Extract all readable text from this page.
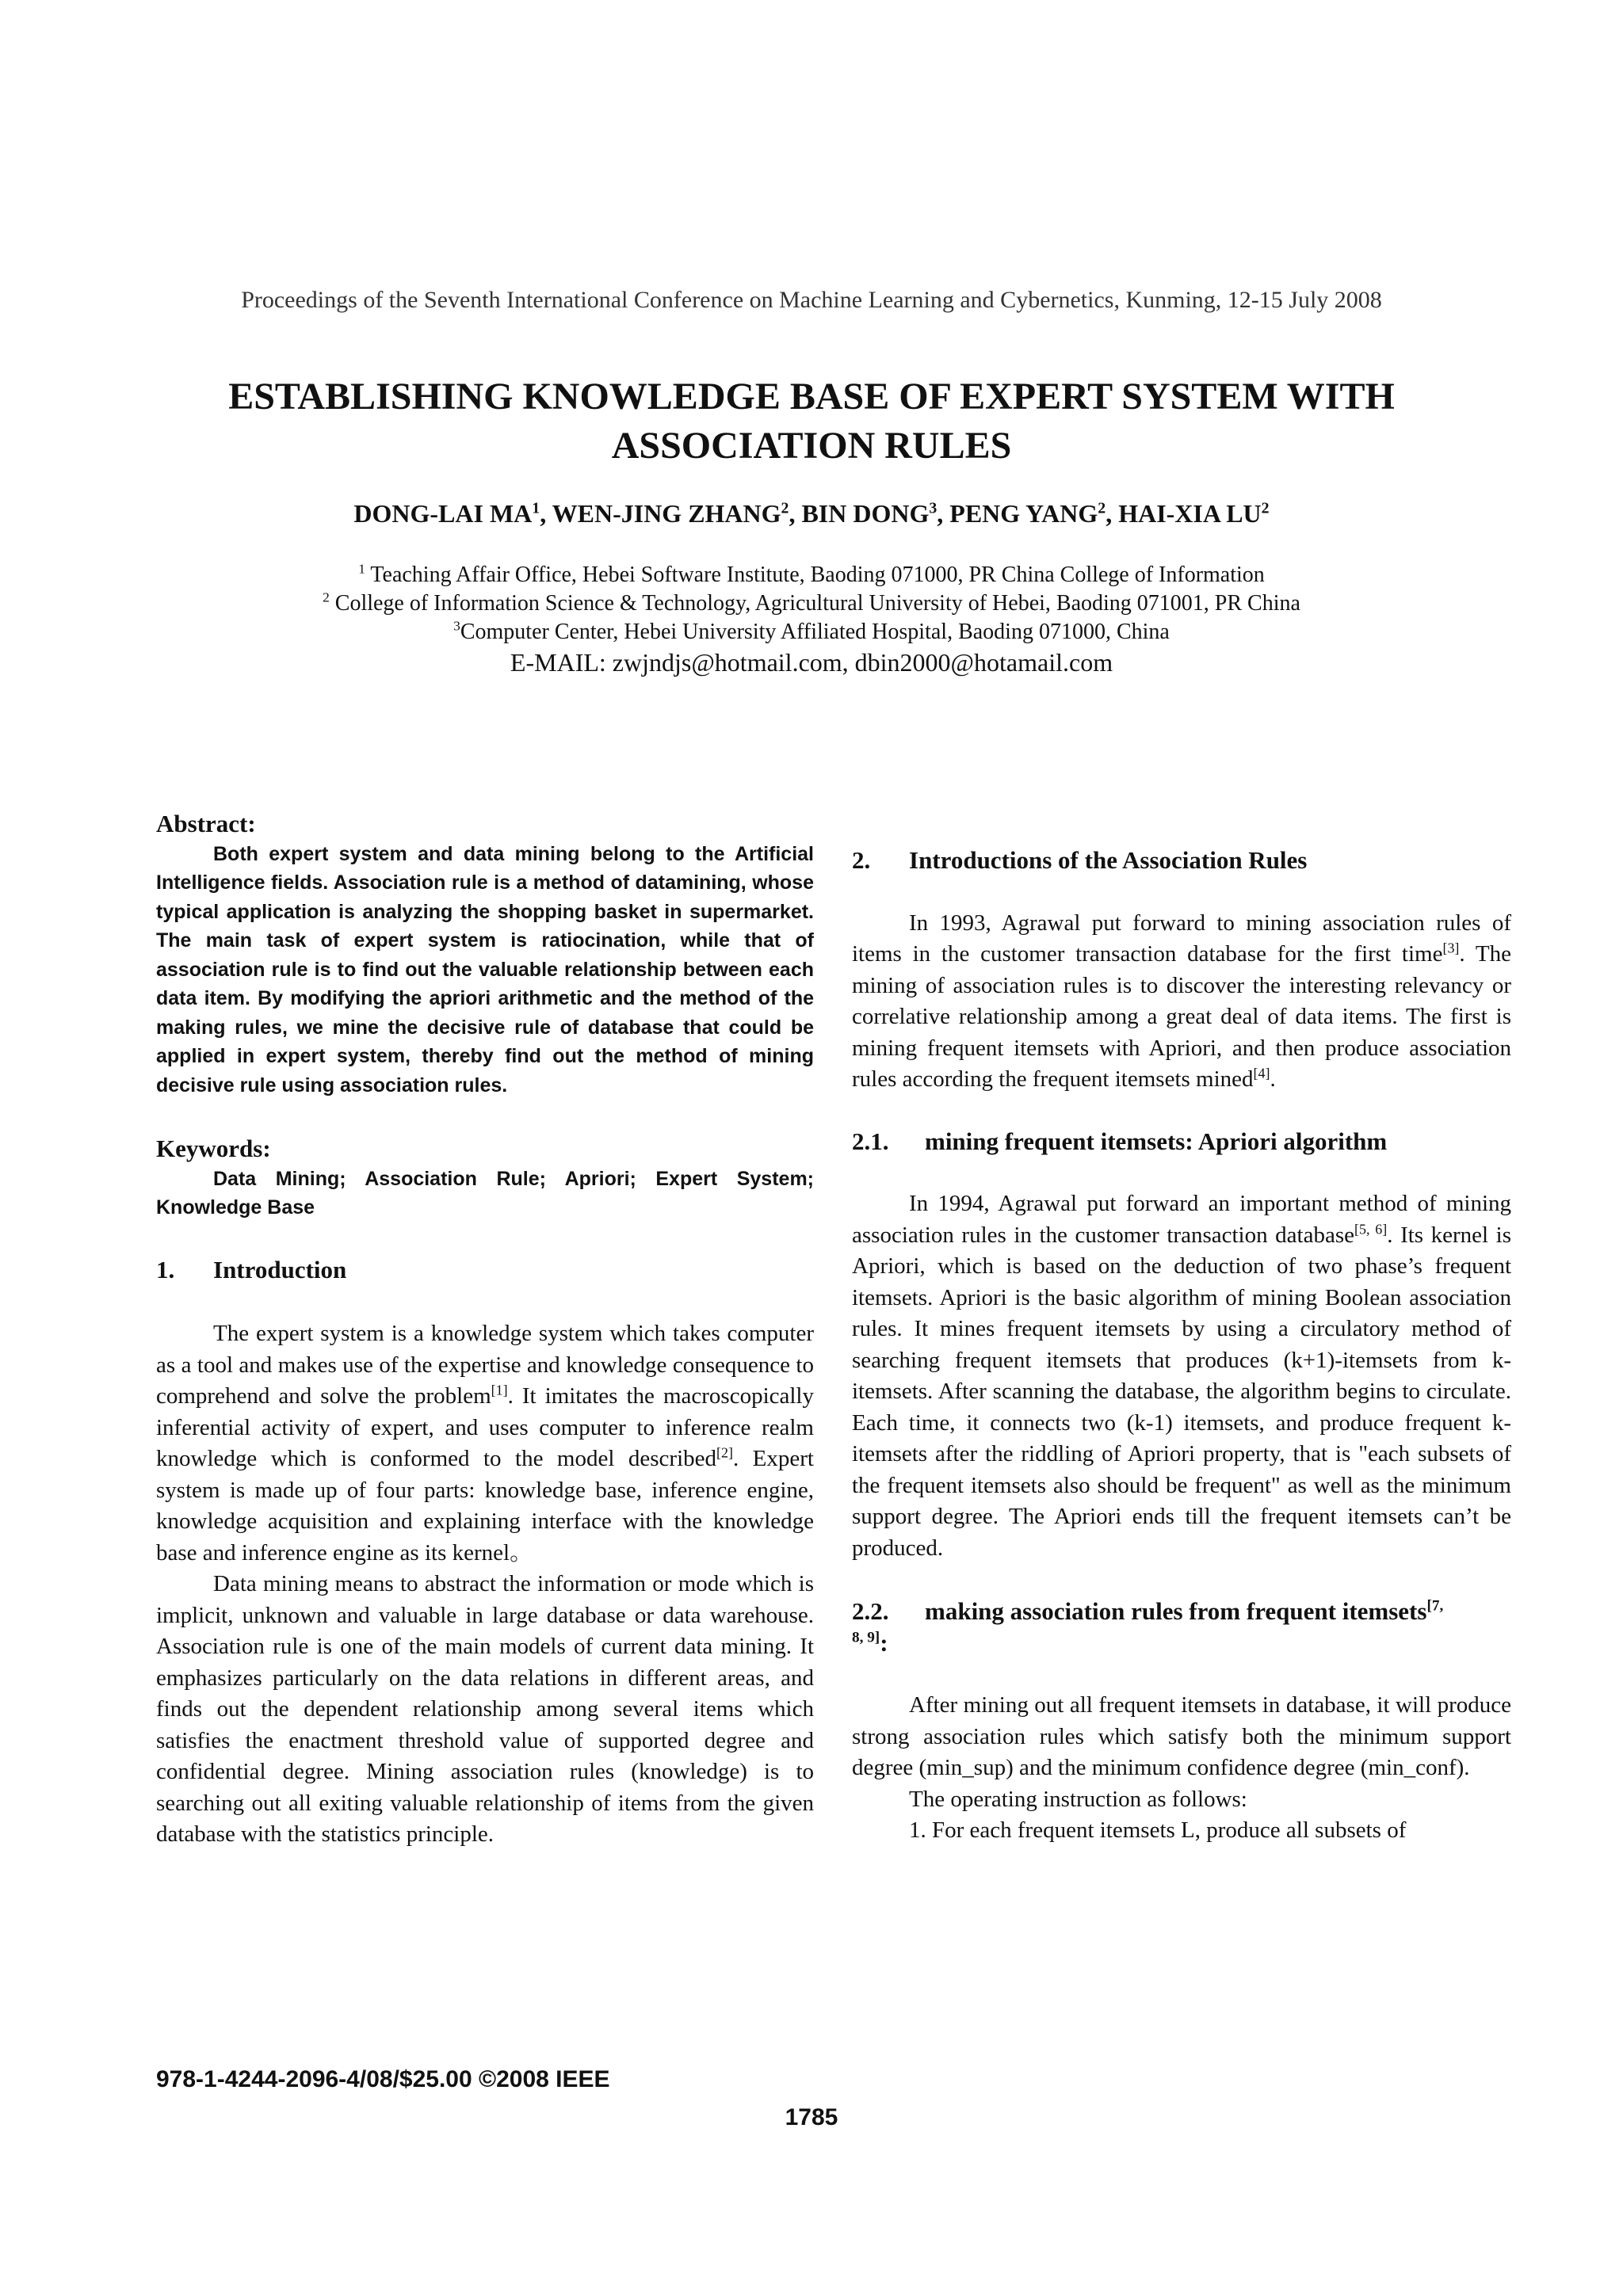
Proceedings of the Seventh International Conference on Machine Learning and Cybernetics, Kunming, 12-15 July 2008
ESTABLISHING KNOWLEDGE BASE OF EXPERT SYSTEM WITH
ASSOCIATION RULES
DONG-LAI $MA^1$, WEN-JING ZHANG$^2$, BIN DONG$^3$, PENG YANG$^2$, HAI-XIA $LU^2$
$^1$ Teaching Affair Office, Hebei Software Institute, Baoding 071000, PR China College of Information
$^2$ College of Information Science & Technology, Agricultural University of Hebei, Baoding 071001, PR China
$^3$Computer Center, Hebei University Affiliated Hospital, Baoding 071000, China
E-MAIL: zwjndjs@hotmail.com, dbin2000@hotamail.com
Abstract:

Both expert system and data mining belong to the Artificial Intelligence fields. Association rule is a method of datamining, whose typical application is analyzing the shopping basket in supermarket. The main task of expert system is ratiocination, while that of association rule is to find out the valuable relationship between each data item. By modifying the apriori arithmetic and the method of the making rules, we mine the decisive rule of database that could be applied in expert system, thereby find out the method of mining decisive rule using association rules.

Keywords:

Data Mining; Association Rule; Apriori; Expert System; Knowledge Base

1. Introduction

The expert system is a knowledge system which takes computer as a tool and makes use of the expertise and knowledge consequence to comprehend and solve the problem[1]. It imitates the macroscopically inferential activity of expert, and uses computer to inference realm knowledge which is conformed to the model described[2]. Expert system is made up of four parts: knowledge base, inference engine, knowledge acquisition and explaining interface with the knowledge base and inference engine as its kernel。

Data mining means to abstract the information or mode which is implicit, unknown and valuable in large database or data warehouse. Association rule is one of the main models of current data mining. It emphasizes particularly on the data relations in different areas, and finds out the dependent relationship among several items which satisfies the enactment threshold value of supported degree and confidential degree. Mining association rules (knowledge) is to searching out all exiting valuable relationship of items from the given database with the statistics principle.

2. Introductions of the Association Rules

In 1993, Agrawal put forward to mining association rules of items in the customer transaction database for the first time[3]. The mining of association rules is to discover the interesting relevancy or correlative relationship among a great deal of data items. The first is mining frequent itemsets with Apriori, and then produce association rules according the frequent itemsets mined[4].

2.1. mining frequent itemsets: Apriori algorithm

In 1994, Agrawal put forward an important method of mining association rules in the customer transaction database[5, 6]. Its kernel is Apriori, which is based on the deduction of two phase’s frequent itemsets. Apriori is the basic algorithm of mining Boolean association rules. It mines frequent itemsets by using a circulatory method of searching frequent itemsets that produces (k+1)-itemsets from k-itemsets. After scanning the database, the algorithm begins to circulate. Each time, it connects two (k-1) itemsets, and produce frequent k-itemsets after the riddling of Apriori property, that is "each subsets of the frequent itemsets also should be frequent" as well as the minimum support degree. The Apriori ends till the frequent itemsets can’t be produced.

2.2. making association rules from frequent itemsets$^{[7,}$
$^{8, 9]}$:

After mining out all frequent itemsets in database, it will produce strong association rules which satisfy both the minimum support degree (min_sup) and the minimum confidence degree (min_conf).

The operating instruction as follows:

1. For each frequent itemsets L, produce all subsets of

978-1-4244-2096-4/08/$25.00 ©2008 IEEE
1785
